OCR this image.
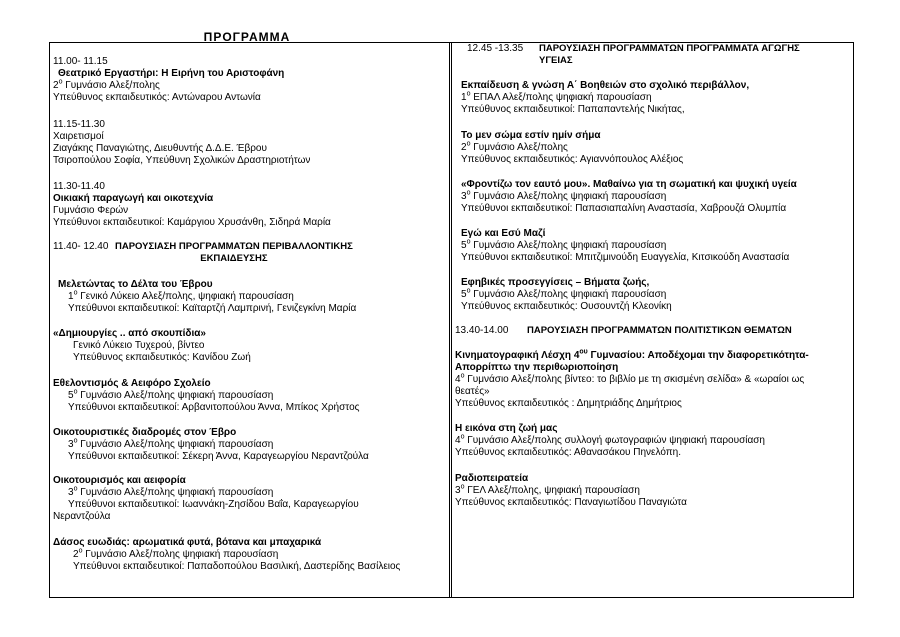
ΠΡΟΓΡΑΜΜΑ
11.00- 11.15
Θεατρικό Εργαστήρι: Η Ειρήνη του Αριστοφάνη
$2^o$ Γυμνάσιο Αλεξ/πολης
Υπεύθυνος εκπαιδευτικός: Αντώναρου Αντωνία
11.15-11.30
Χαιρετισμοί
Ζιαγάκης Παναγιώτης, Διευθυντής Δ.Δ.Ε. Έβρου
Τσιροπούλου Σοφία, Υπεύθυνη Σχολικών Δραστηριοτήτων
11.30-11.40
Οικιακή παραγωγή και οικοτεχνία
Γυμνάσιο Φερών
Υπεύθυνοι εκπαιδευτικοί: Καμάργιου Χρυσάνθη, Σιδηρά Μαρία
11.40- 12.40 ΠΑΡΟΥΣΙΑΣΗ ΠΡΟΓΡΑΜΜΑΤΩΝ ΠΕΡΙΒΑΛΛΟΝΤΙΚΗΣ
ΕΚΠΑΙΔΕΥΣΗΣ
Μελετώντας το Δέλτα του Έβρου
$1^o$ Γενικό Λύκειο Αλεξ/πολης, ψηφιακή παρουσίαση
Υπεύθυνοι εκπαιδευτικοί: Καϊταρτζή Λαμπρινή, Γενιζεγκίνη Μαρία
«Δημιουργίες .. από σκουπίδια»
Γενικό Λύκειο Τυχερού, βίντεο
Υπεύθυνος εκπαιδευτικός: Κανίδου Ζωή
Εθελοντισμός & Αειφόρο Σχολείο
$5^o$ Γυμνάσιο Αλεξ/πολης ψηφιακή παρουσίαση
Υπεύθυνοι εκπαιδευτικοί: Αρβανιτοπούλου Άννα, Μπίκος Χρήστος
Οικοτουριστικές διαδρομές στον Έβρο
$3^o$ Γυμνάσιο Αλεξ/πολης ψηφιακή παρουσίαση
Υπεύθυνοι εκπαιδευτικοί: Σέκερη Άννα, Καραγεωργίου Νεραντζούλα
Οικοτουρισμός και αειφορία
$3^o$ Γυμνάσιο Αλεξ/πολης ψηφιακή παρουσίαση
Υπεύθυνοι εκπαιδευτικοί: Ιωαννάκη-Ζησίδου Βαΐα, Καραγεωργίου
Νεραντζούλα
Δάσος ευωδιάς: αρωματικά φυτά, βότανα και μπαχαρικά
$2^o$ Γυμνάσιο Αλεξ/πολης ψηφιακή παρουσίαση
Υπεύθυνοι εκπαιδευτικοί: Παπαδοπούλου Βασιλική, Δαστερίδης Βασίλειος
12.45 -13.35	ΠΑΡΟΥΣΙΑΣΗ ΠΡΟΓΡΑΜΜΑΤΩΝ ΠΡΟΓΡΑΜΜΑΤΑ ΑΓΩΓΗΣ
ΥΓΕΙΑΣ
Εκπαίδευση & γνώση Α΄ Βοηθειών στο σχολικό περιβάλλον,
$1^o$ ΕΠΑΛ Αλεξ/πολης ψηφιακή παρουσίαση
Υπεύθυνος εκπαιδευτικοί: Παπαπαντελής Νικήτας,
Το μεν σώμα εστίν ημίν σήμα
$2^o$ Γυμνάσιο Αλεξ/πολης
Υπεύθυνος εκπαιδευτικός: Αγιαννόπουλος Αλέξιος
«Φροντίζω τον εαυτό μου». Μαθαίνω για τη σωματική και ψυχική υγεία
$3^o$ Γυμνάσιο Αλεξ/πολης ψηφιακή παρουσίαση
Υπεύθυνοι εκπαιδευτικοί: Παπασιαπαλίνη Αναστασία, Χαβρουζά Ολυμπία
Εγώ και Εσύ Μαζί
$5^o$ Γυμνάσιο Αλεξ/πολης ψηφιακή παρουσίαση
Υπεύθυνοι εκπαιδευτικοί: Μπιτζιμινούδη Ευαγγελία, Κιτσικούδη Αναστασία
Εφηβικές προσεγγίσεις – Βήματα ζωής,
$5^o$ Γυμνάσιο Αλεξ/πολης ψηφιακή παρουσίαση
Υπεύθυνος εκπαιδευτικός: Ουσουντζή Κλεονίκη
13.40-14.00	ΠΑΡΟΥΣΙΑΣΗ ΠΡΟΓΡΑΜΜΑΤΩΝ ΠΟΛΙΤΙΣΤΙΚΩΝ ΘΕΜΑΤΩΝ
Κινηματογραφική Λέσχη $4^{o\upsilon}$ Γυμνασίου: Αποδέχομαι την διαφορετικότητα-
Απορρίπτω την περιθωριοποίηση
$4^o$ Γυμνάσιο Αλεξ/πολης βίντεο: το βιβλίο με τη σκισμένη σελίδα» & «ωραίοι ως
θεατές»
Υπεύθυνος εκπαιδευτικός : Δημητριάδης Δημήτριος
Η εικόνα στη ζωή μας
$4^o$ Γυμνάσιο Αλεξ/πολης συλλογή φωτογραφιών ψηφιακή παρουσίαση
Υπεύθυνος εκπαιδευτικός: Αθανασάκου Πηνελόπη.
Ραδιοπειρατεία
$3^o$ ΓΕΛ Αλεξ/πολης, ψηφιακή παρουσίαση
Υπεύθυνος εκπαιδευτικός: Παναγιωτίδου Παναγιώτα
